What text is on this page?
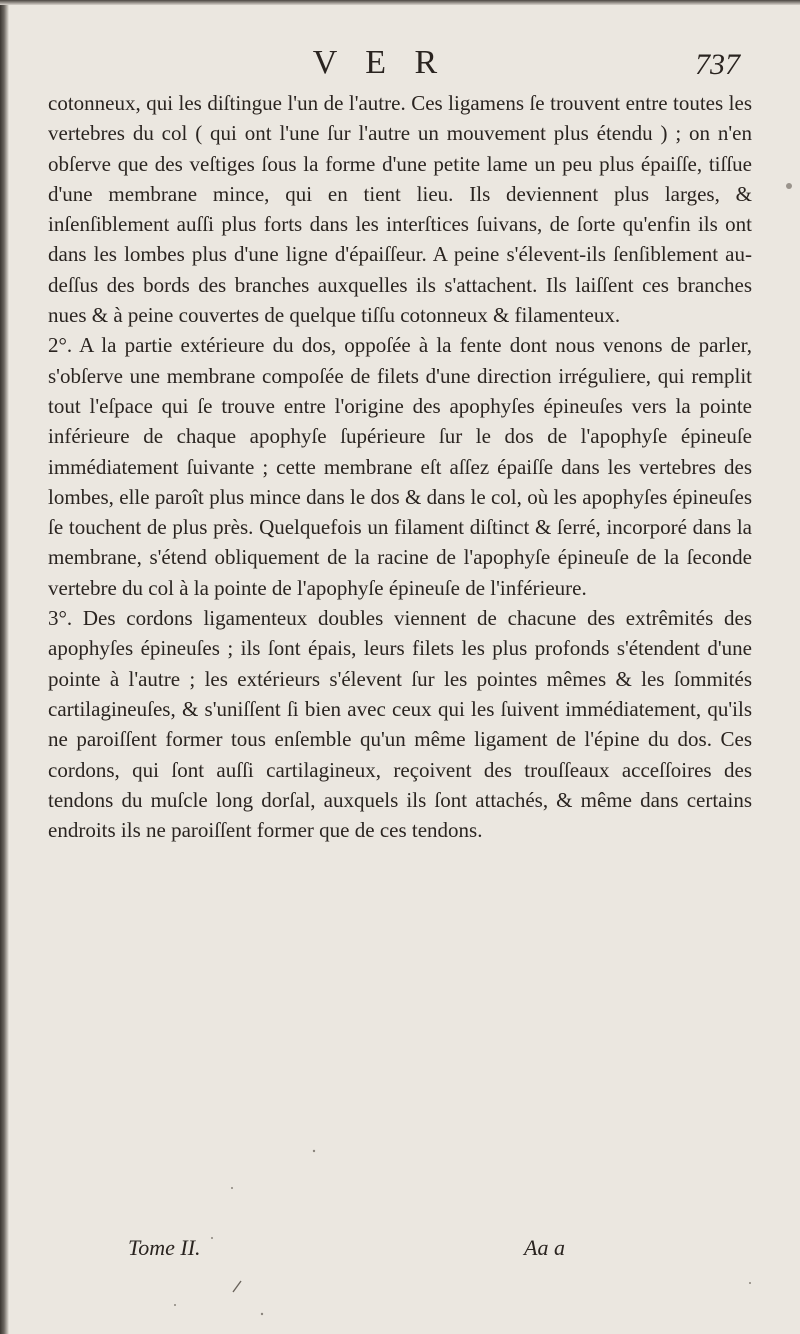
V E R	737

cotonneux, qui les diſtingue l'un de l'autre. Ces ligamens ſe trouvent entre toutes les vertebres du col ( qui ont l'une ſur l'autre un mouvement plus étendu ) ; on n'en obſerve que des veſtiges ſous la forme d'une petite lame un peu plus épaiſſe, tiſſue d'une membrane mince, qui en tient lieu. Ils deviennent plus larges, & inſenſiblement auſſi plus forts dans les interſtices ſuivans, de ſorte qu'enfin ils ont dans les lombes plus d'une ligne d'épaiſſeur. A peine s'élevent-ils ſenſiblement au-deſſus des bords des branches auxquelles ils s'attachent. Ils laiſſent ces branches nues & à peine couvertes de quelque tiſſu cotonneux & filamenteux.

2°. A la partie extérieure du dos, oppoſée à la fente dont nous venons de parler, s'obſerve une membrane compoſée de filets d'une direction irréguliere, qui remplit tout l'eſpace qui ſe trouve entre l'origine des apophyſes épineuſes vers la pointe inférieure de chaque apophyſe ſupérieure ſur le dos de l'apophyſe épineuſe immédiatement ſuivante ; cette membrane eſt aſſez épaiſſe dans les vertebres des lombes, elle paroît plus mince dans le dos & dans le col, où les apophyſes épineuſes ſe touchent de plus près. Quelquefois un filament diſtinct & ſerré, incorporé dans la membrane, s'étend obliquement de la racine de l'apophyſe épineuſe de la ſeconde vertebre du col à la pointe de l'apophyſe épineuſe de l'inférieure.

3°. Des cordons ligamenteux doubles viennent de chacune des extrêmités des apophyſes épineuſes ; ils ſont épais, leurs filets les plus profonds s'étendent d'une pointe à l'autre ; les extérieurs s'élevent ſur les pointes mêmes & les ſommités cartilagineuſes, & s'uniſſent ſi bien avec ceux qui les ſuivent immédiatement, qu'ils ne paroiſſent former tous enſemble qu'un même ligament de l'épine du dos. Ces cordons, qui ſont auſſi cartilagineux, reçoivent des trouſſeaux acceſſoires des tendons du muſcle long dorſal, auxquels ils ſont attachés, & même dans certains endroits ils ne paroiſſent former que de ces tendons.

Tome II.	Aa a
